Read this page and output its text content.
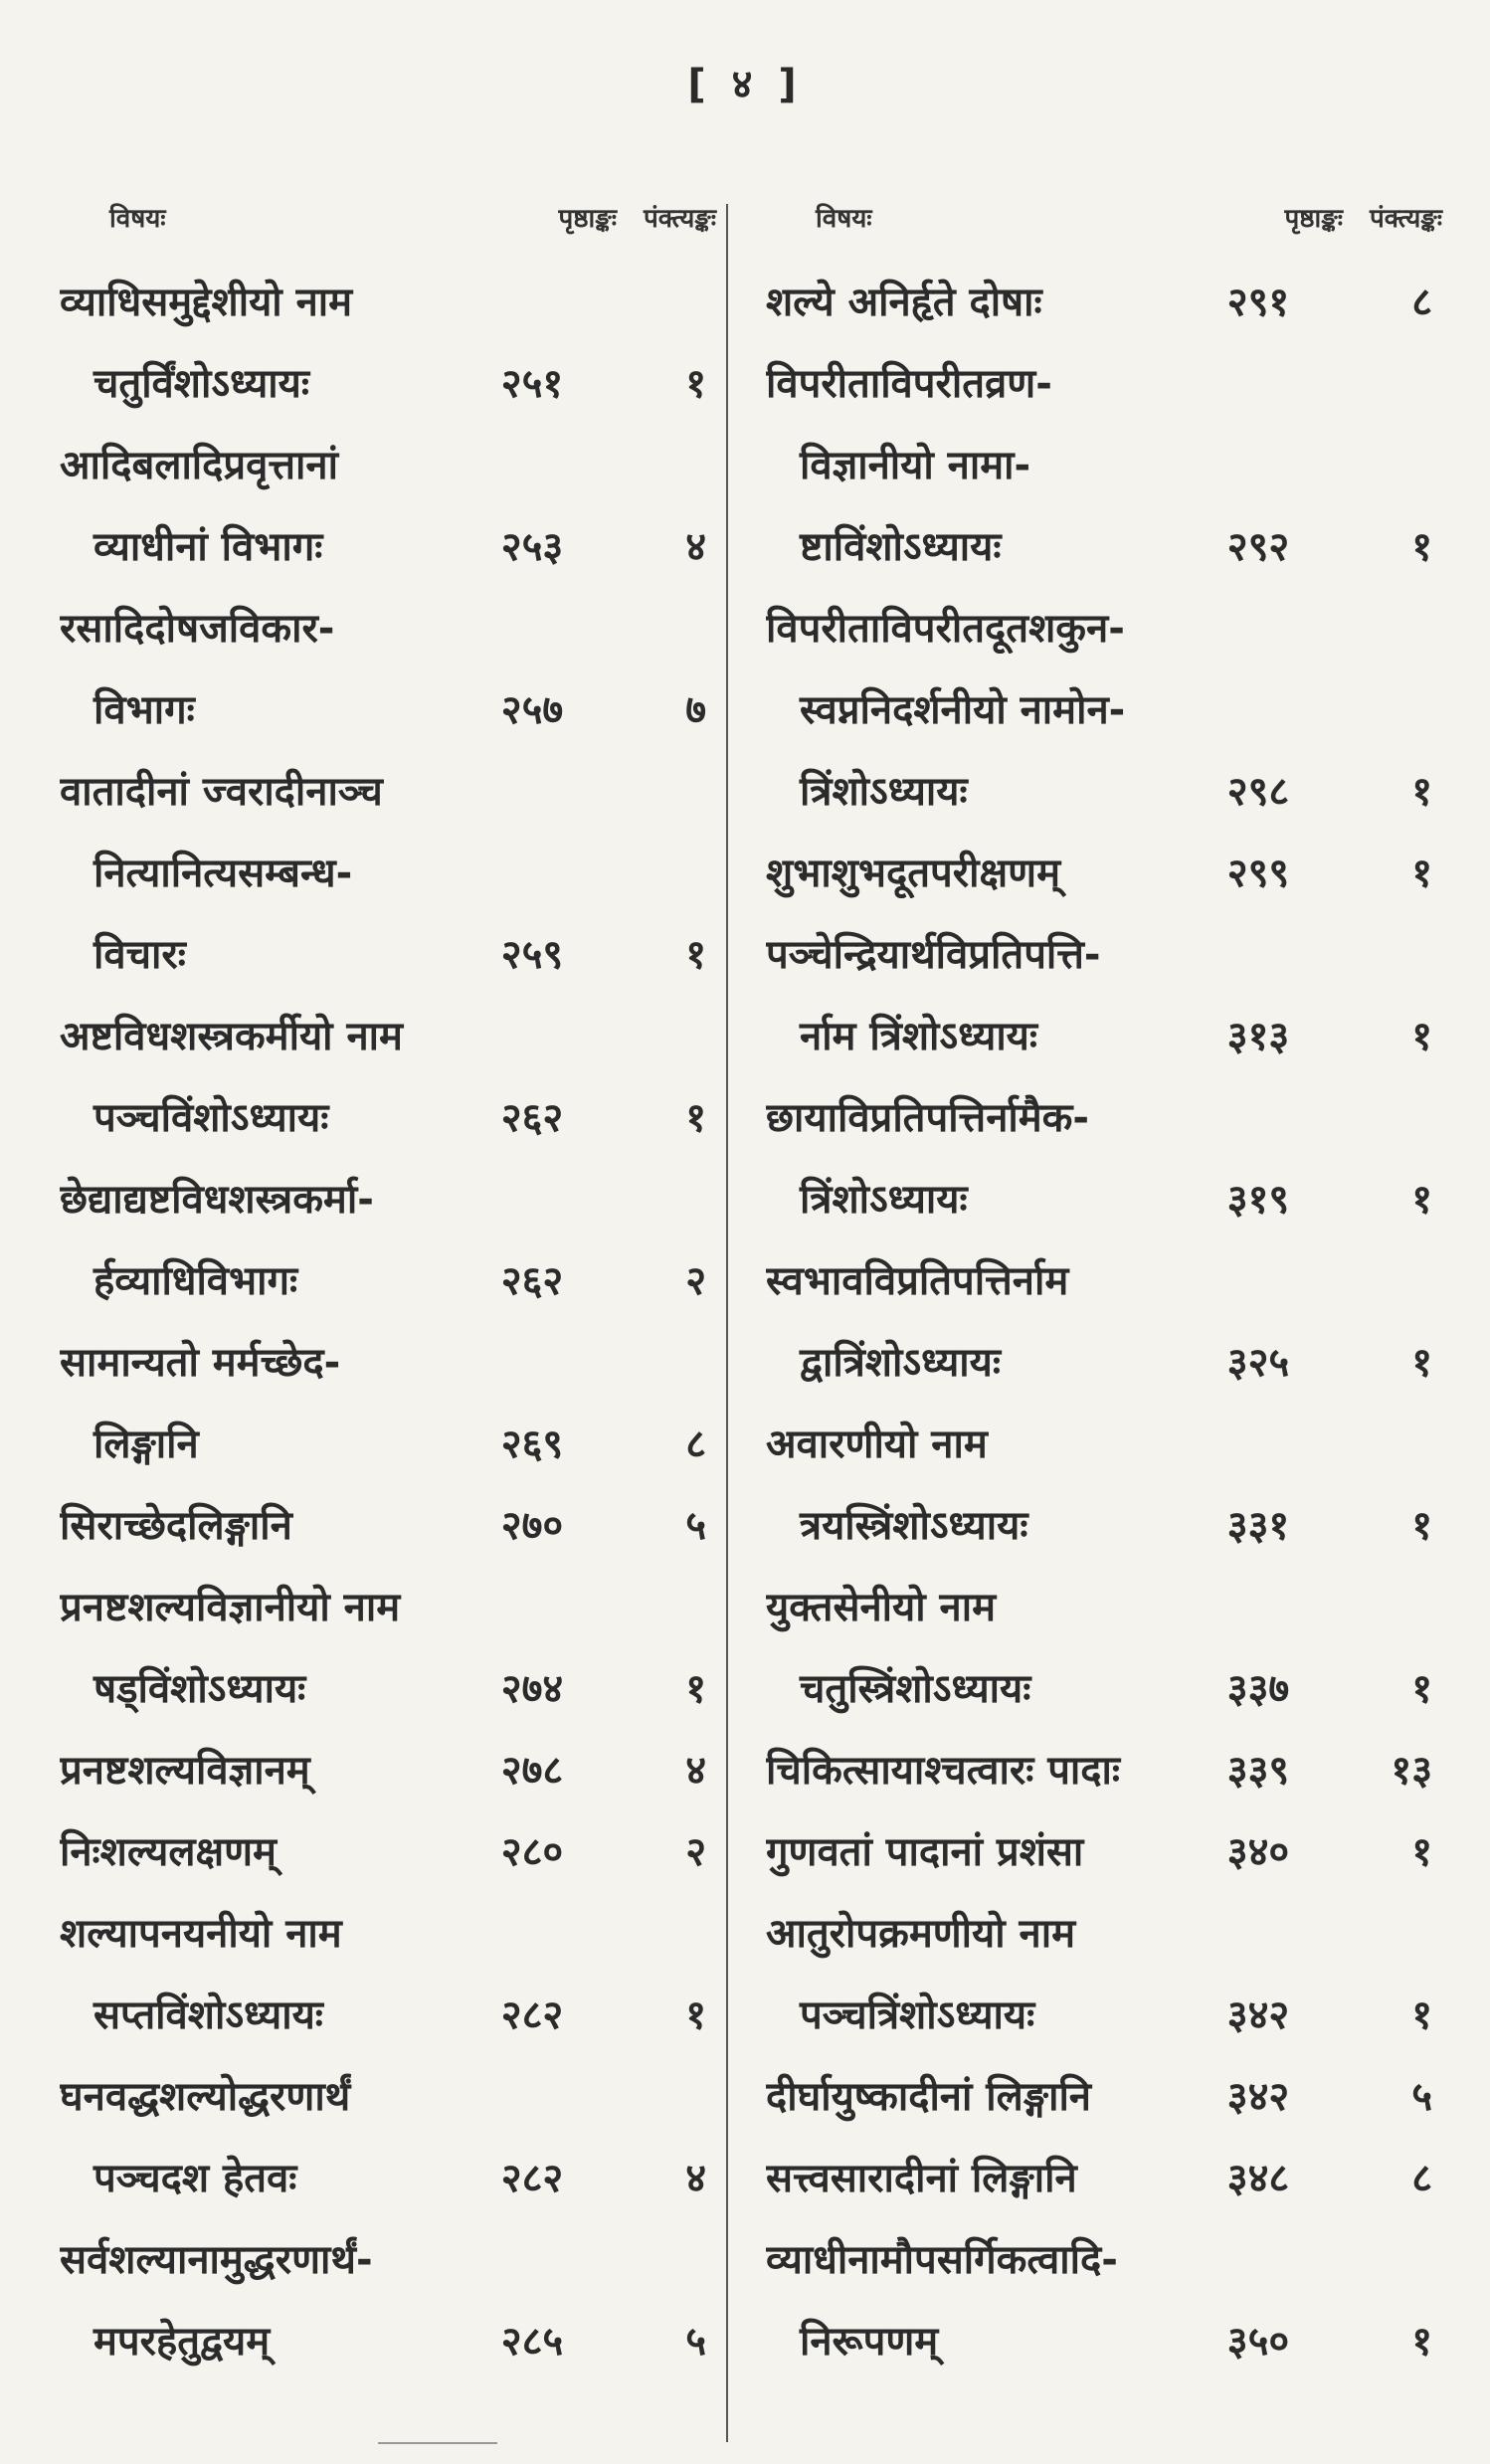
[ ४ ]
विषयः	पृष्ठाङ्कः	पंक्त्यङ्कः
व्याधिसमुद्देशीयो नाम
चतुर्विंशोऽध्यायः	२५१	१
आदिबलादिप्रवृत्तानां
व्याधीनां विभागः	२५३	४
रसादिदोषजविकार-
विभागः	२५७	७
वातादीनां ज्वरादीनाञ्च
नित्यानित्यसम्बन्ध-
विचारः	२५९	१
अष्टविधशस्त्रकर्मीयो नाम
पञ्चविंशोऽध्यायः	२६२	१
छेद्याद्यष्टविधशस्त्रकर्मा-
र्हव्याधिविभागः	२६२	२
सामान्यतो मर्मच्छेद-
लिङ्गानि	२६९	८
सिराच्छेदलिङ्गानि	२७०	५
प्रनष्टशल्यविज्ञानीयो नाम
षड्विंशोऽध्यायः	२७४	१
प्रनष्टशल्यविज्ञानम्	२७८	४
निःशल्यलक्षणम्	२८०	२
शल्यापनयनीयो नाम
सप्तविंशोऽध्यायः	२८२	१
घनवद्धशल्योद्धरणार्थं
पञ्चदश हेतवः	२८२	४
सर्वशल्यानामुद्धरणार्थं-
मपरहेतुद्वयम्	२८५	५
विषयः	पृष्ठाङ्कः	पंक्त्यङ्कः
शल्ये अनिर्हृते दोषाः	२९१	८
विपरीताविपरीतव्रण-
विज्ञानीयो नामा-
ष्टाविंशोऽध्यायः	२९२	१
विपरीताविपरीतदूतशकुन-
स्वप्ननिदर्शनीयो नामोन-
त्रिंशोऽध्यायः	२९८	१
शुभाशुभदूतपरीक्षणम्	२९९	१
पञ्चेन्द्रियार्थविप्रतिपत्ति-
र्नाम त्रिंशोऽध्यायः	३१३	१
छायाविप्रतिपत्तिर्नामैक-
त्रिंशोऽध्यायः	३१९	१
स्वभावविप्रतिपत्तिर्नाम
द्वात्रिंशोऽध्यायः	३२५	१
अवारणीयो नाम
त्रयस्त्रिंशोऽध्यायः	३३१	१
युक्तसेनीयो नाम
चतुस्त्रिंशोऽध्यायः	३३७	१
चिकित्सायाश्चत्वारः पादाः	३३९	१३
गुणवतां पादानां प्रशंसा	३४०	१
आतुरोपक्रमणीयो नाम
पञ्चत्रिंशोऽध्यायः	३४२	१
दीर्घायुष्कादीनां लिङ्गानि	३४२	५
सत्त्वसारादीनां लिङ्गानि	३४८	८
व्याधीनामौपसर्गिकत्वादि-
निरूपणम्	३५०	१
